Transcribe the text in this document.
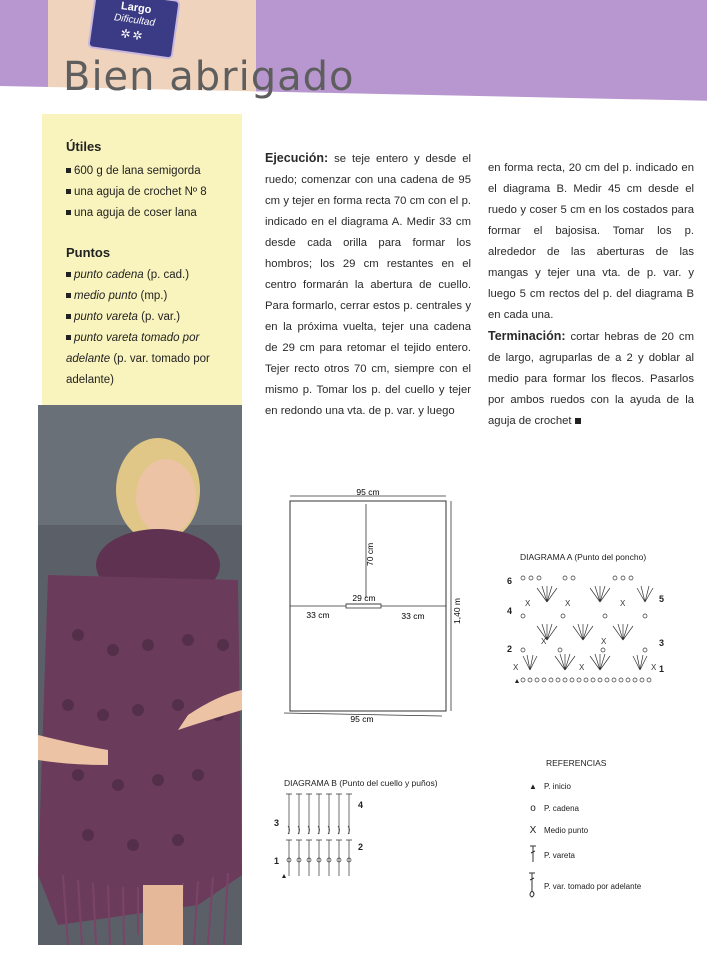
Largo
Dificultad
✲✲
Bien abrigado
Útiles
600 g de lana semigorda
una aguja de crochet Nº 8
una aguja de coser lana
Puntos
punto cadena (p. cad.)
medio punto (mp.)
punto vareta (p. var.)
punto vareta tomado por adelante (p. var. tomado por adelante)
Ejecución: se teje entero y desde el ruedo; comenzar con una cadena de 95 cm y tejer en forma recta 70 cm con el p. indicado en el diagrama A. Medir 33 cm desde cada orilla para formar los hombros; los 29 cm restantes en el centro formarán la abertura de cuello. Para formarlo, cerrar estos p. centrales y en la próxima vuelta, tejer una cadena de 29 cm para retomar el tejido entero. Tejer recto otros 70 cm, siempre con el mismo p. Tomar los p. del cuello y tejer en redondo una vta. de p. var. y luego
en forma recta, 20 cm del p. indicado en el diagrama B. Medir 45 cm desde el ruedo y coser 5 cm en los costados para formar el bajosisa. Tomar los p. alrededor de las aberturas de las mangas y tejer una vta. de p. var. y luego 5 cm rectos del p. del diagrama B en cada una.
Terminación: cortar hebras de 20 cm de largo, agruparlas de a 2 y doblar al medio para formar los flecos. Pasarlos por ambos ruedos con la ayuda de la aguja de crochet
95 cm
95 cm
70 cm
29 cm
33 cm	33 cm	1,40 m
DIAGRAMA A (Punto del poncho)
6
4
2
5
3
1
X	X	X
X	X
X	X	X
DIAGRAMA B (Punto del cuello y puños)
3
1
4
2
REFERENCIAS
▲ P. inicio
o	P. cadena
X Medio punto
P. vareta
P. var. tomado por adelante
